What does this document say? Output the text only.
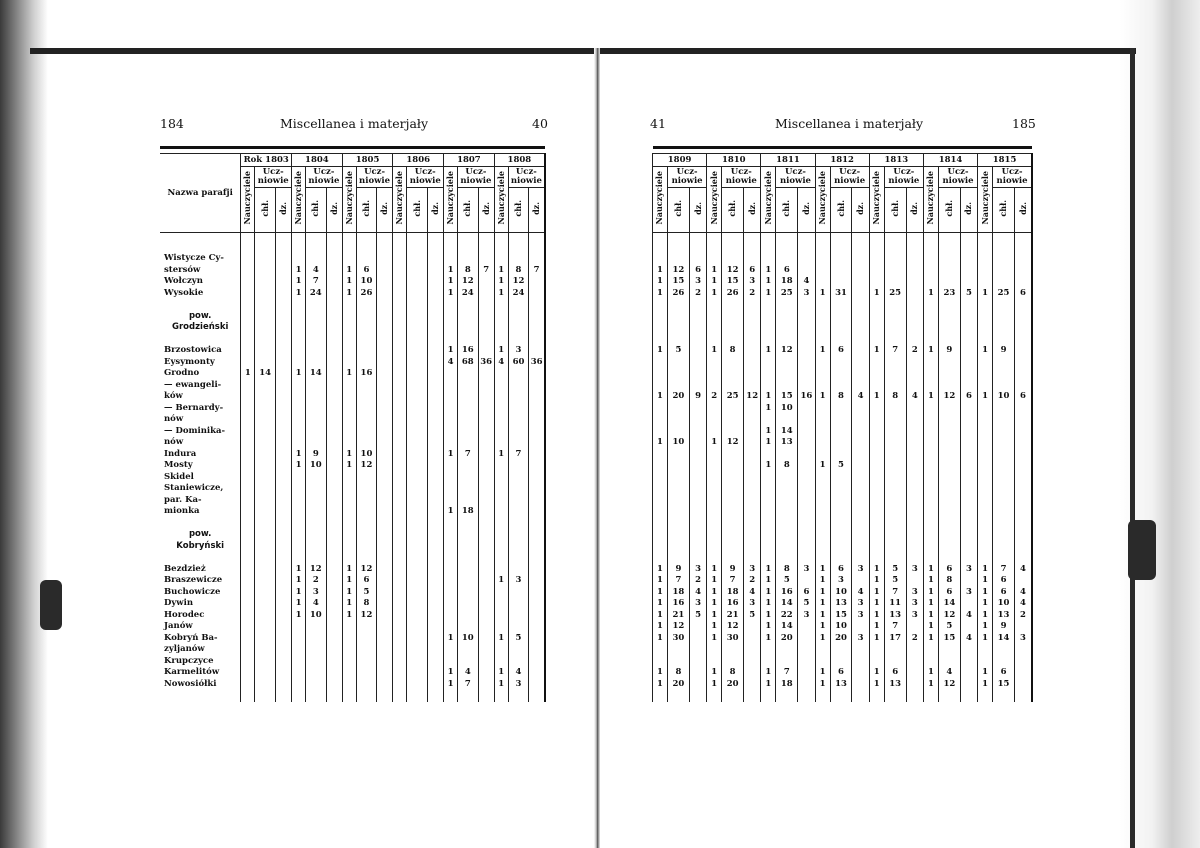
184	Miscellanea i materjały	40

Nazwa parafji	Rok 1803			1804			1805			1806			1807			1808		
	Nauczyciele	Ucz-niowie		Nauczyciele	Ucz-niowie		Nauczyciele	Ucz-niowie		Nauczyciele	Ucz-niowie		Nauczyciele	Ucz-niowie		Nauczyciele	Ucz-niowie	
		chł.	dz.		chł.	dz.		chł.	dz.		chł.	dz.		chł.	dz.		chł.	dz.

Wistycze Cy-																		
stersów				1	4		1	6					1	8	7	1	8	7
Wołczyn				1	7		1	10					1	12		1	12	
Wysokie				1	24		1	26					1	24		1	24	

pow.																		
Grodzieński																		

Brzostowica													1	16		1	3	
Eysymonty													4	68	36	4	60	36
Grodno	1	14		1	14		1	16										
— ewangeli-																		
ków																		
— Bernardy-																		
nów																		
— Dominika-																		
nów																		
Indura				1	9		1	10					1	7		1	7	
Mosty				1	10		1	12										
Skidel																		
Staniewicze,																		
par. Ka-																		
mionka													1	18				

pow.																		
Kobryński																		

Bezdzież				1	12		1	12										
Braszewicze				1	2		1	6								1	3	
Buchowicze				1	3		1	5										
Dywin				1	4		1	8										
Horodec				1	10		1	12										
Janów																		
Kobryń Ba-													1	10		1	5	
zyljanów																		
Krupczyce																		
Karmelitów													1	4		1	4	
Nowosiółki													1	7		1	3	

41	Miscellanea i materjały	185

1809			1810			1811			1812			1813			1814			1815		
Nauczyciele	Ucz-niowie		Nauczyciele	Ucz-niowie		Nauczyciele	Ucz-niowie		Nauczyciele	Ucz-niowie		Nauczyciele	Ucz-niowie		Nauczyciele	Ucz-niowie		Nauczyciele	Ucz-niowie	
	chł.	dz.		chł.	dz.		chł.	dz.		chł.	dz.		chł.	dz.		chł.	dz.		chł.	dz.

1	12	6	1	12	6	1	6													
1	15	3	1	15	3	1	18	4												
1	26	2	1	26	2	1	25	3	1	31		1	25		1	23	5	1	25	6

1	5		1	8		1	12		1	6		1	7	2	1	9		1	9	

1	20	9	2	25	12	1	15	16	1	8	4	1	8	4	1	12	6	1	10	6
						1	10													

						1	14													
1	10		1	12		1	13													

						1	8		1	5										

1	9	3	1	9	3	1	8	3	1	6	3	1	5	3	1	6	3	1	7	4
1	7	2	1	7	2	1	5		1	3		1	5		1	8		1	6	
1	18	4	1	18	4	1	16	6	1	10	4	1	7	3	1	6	3	1	6	4
1	16	3	1	16	3	1	14	5	1	13	3	1	11	3	1	14		1	10	4
1	21	5	1	21	5	1	22	3	1	15	3	1	13	3	1	12	4	1	13	2
1	12		1	12		1	14		1	10		1	7		1	5		1	9	
1	30		1	30		1	20		1	20	3	1	17	2	1	15	4	1	14	3

1	8		1	8		1	7		1	6		1	6		1	4		1	6	
1	20		1	20		1	18		1	13		1	13		1	12		1	15	
